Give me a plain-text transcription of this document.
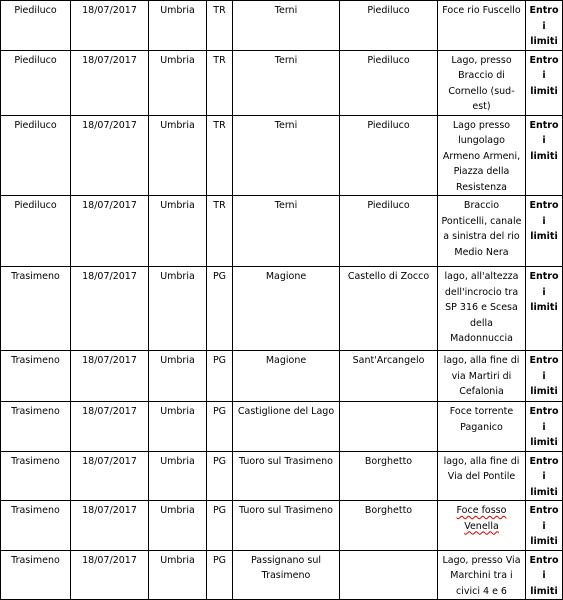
Piediluco	18/07/2017	Umbria	TR	Terni	Piediluco	Foce rio Fuscello	Entro i limiti
Piediluco	18/07/2017	Umbria	TR	Terni	Piediluco	Lago, presso Braccio di Cornello (sud-est)	Entro i limiti
Piediluco	18/07/2017	Umbria	TR	Terni	Piediluco	Lago presso lungolago Armeno Armeni, Piazza della Resistenza	Entro i limiti
Piediluco	18/07/2017	Umbria	TR	Terni	Piediluco	Braccio Ponticelli, canale a sinistra del rio Medio Nera	Entro i limiti
Trasimeno	18/07/2017	Umbria	PG	Magione	Castello di Zocco	lago, all'altezza dell'incrocio tra SP 316 e Scesa della Madonnuccia	Entro i limiti
Trasimeno	18/07/2017	Umbria	PG	Magione	Sant'Arcangelo	lago, alla fine di via Martiri di Cefalonia	Entro i limiti
Trasimeno	18/07/2017	Umbria	PG	Castiglione del Lago		Foce torrente Paganico	Entro i limiti
Trasimeno	18/07/2017	Umbria	PG	Tuoro sul Trasimeno	Borghetto	lago, alla fine di Via del Pontile	Entro i limiti
Trasimeno	18/07/2017	Umbria	PG	Tuoro sul Trasimeno	Borghetto	Foce fosso Venella	Entro i limiti
Trasimeno	18/07/2017	Umbria	PG	Passignano sul Trasimeno		Lago, presso Via Marchini tra i civici 4 e 6	Entro i limiti
